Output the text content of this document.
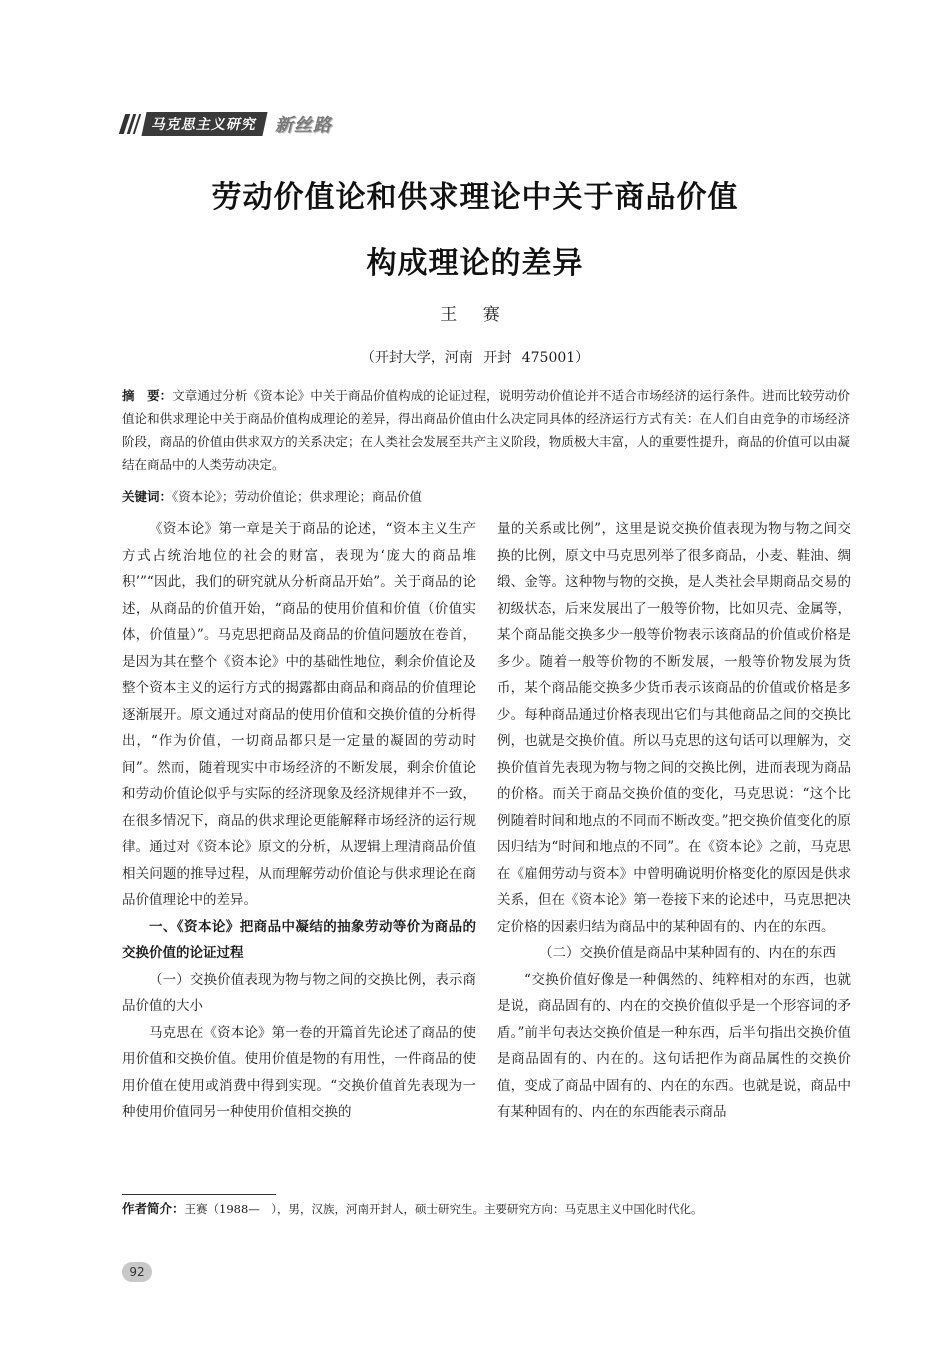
马克思主义研究 新丝路
劳动价值论和供求理论中关于商品价值
构成理论的差异
王 赛
（开封大学，河南 开封 475001）
摘　要：文章通过分析《资本论》中关于商品价值构成的论证过程，说明劳动价值论并不适合市场经济的运行条件。进而比较劳动价值论和供求理论中关于商品价值构成理论的差异，得出商品价值由什么决定同具体的经济运行方式有关：在人们自由竞争的市场经济阶段，商品的价值由供求双方的关系决定；在人类社会发展至共产主义阶段，物质极大丰富，人的重要性提升，商品的价值可以由凝结在商品中的人类劳动决定。
关键词：《资本论》；劳动价值论；供求理论；商品价值

《资本论》第一章是关于商品的论述，“资本主义生产方式占统治地位的社会的财富，表现为‘庞大的商品堆积’”“因此，我们的研究就从分析商品开始”。关于商品的论述，从商品的价值开始，“商品的使用价值和价值（价值实体，价值量）”。马克思把商品及商品的价值问题放在卷首，是因为其在整个《资本论》中的基础性地位，剩余价值论及整个资本主义的运行方式的揭露都由商品和商品的价值理论逐渐展开。原文通过对商品的使用价值和交换价值的分析得出，“作为价值，一切商品都只是一定量的凝固的劳动时间”。然而，随着现实中市场经济的不断发展，剩余价值论和劳动价值论似乎与实际的经济现象及经济规律并不一致，在很多情况下，商品的供求理论更能解释市场经济的运行规律。通过对《资本论》原文的分析，从逻辑上理清商品价值相关问题的推导过程，从而理解劳动价值论与供求理论在商品价值理论中的差异。

一、《资本论》把商品中凝结的抽象劳动等价为商品的交换价值的论证过程

（一）交换价值表现为物与物之间的交换比例，表示商品价值的大小

马克思在《资本论》第一卷的开篇首先论述了商品的使用价值和交换价值。使用价值是物的有用性，一件商品的使用价值在使用或消费中得到实现。“交换价值首先表现为一种使用价值同另一种使用价值相交换的

量的关系或比例”，这里是说交换价值表现为物与物之间交换的比例，原文中马克思列举了很多商品，小麦、鞋油、绸缎、金等。这种物与物的交换，是人类社会早期商品交易的初级状态，后来发展出了一般等价物，比如贝壳、金属等，某个商品能交换多少一般等价物表示该商品的价值或价格是多少。随着一般等价物的不断发展，一般等价物发展为货币，某个商品能交换多少货币表示该商品的价值或价格是多少。每种商品通过价格表现出它们与其他商品之间的交换比例，也就是交换价值。所以马克思的这句话可以理解为，交换价值首先表现为物与物之间的交换比例，进而表现为商品的价格。而关于商品交换价值的变化，马克思说：“这个比例随着时间和地点的不同而不断改变。”把交换价值变化的原因归结为“时间和地点的不同”。在《资本论》之前，马克思在《雇佣劳动与资本》中曾明确说明价格变化的原因是供求关系，但在《资本论》第一卷接下来的论述中，马克思把决定价格的因素归结为商品中的某种固有的、内在的东西。

（二）交换价值是商品中某种固有的、内在的东西

“交换价值好像是一种偶然的、纯粹相对的东西，也就是说，商品固有的、内在的交换价值似乎是一个形容词的矛盾。”前半句表达交换价值是一种东西，后半句指出交换价值是商品固有的、内在的。这句话把作为商品属性的交换价值，变成了商品中固有的、内在的东西。也就是说，商品中有某种固有的、内在的东西能表示商品

作者简介：王赛（1988—　），男，汉族，河南开封人，硕士研究生。主要研究方向：马克思主义中国化时代化。
92
